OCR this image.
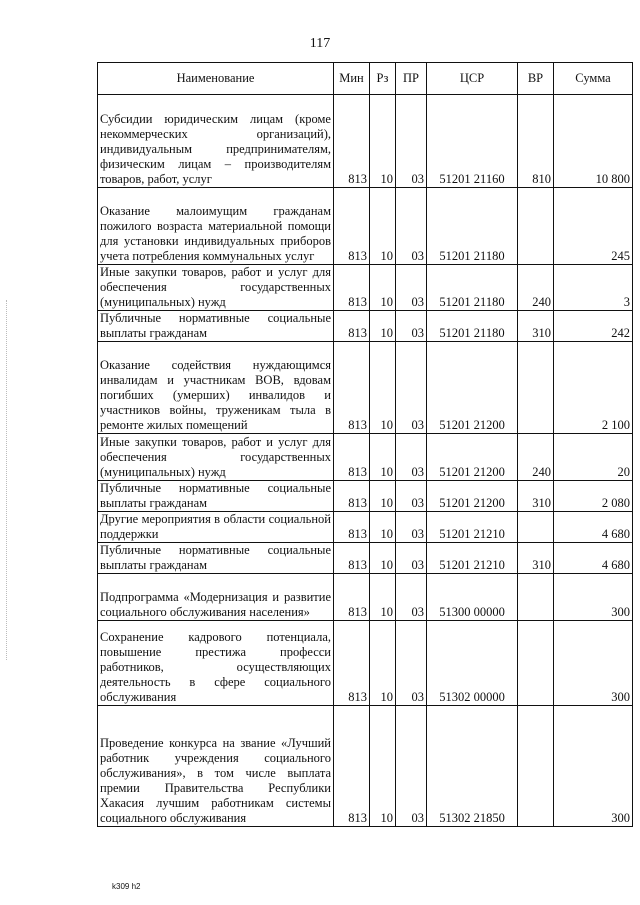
117
Наименование	Мин	Рз	ПР	ЦСР	ВР	Сумма
Субсидии юридическим лицам (кроме некоммерческих организаций), индивидуальным предпринимателям, физическим лицам – производителям товаров, работ, услуг	813	10	03	51201 21160	810	10 800
Оказание малоимущим гражданам пожилого возраста материальной помощи для установки индивидуальных приборов учета потребления коммунальных услуг	813	10	03	51201 21180		245
Иные закупки товаров, работ и услуг для обеспечения государственных (муниципальных) нужд	813	10	03	51201 21180	240	3
Публичные нормативные социальные выплаты гражданам	813	10	03	51201 21180	310	242
Оказание содействия нуждающимся инвалидам и участникам ВОВ, вдовам погибших (умерших) инвалидов и участников войны, труженикам тыла в ремонте жилых помещений	813	10	03	51201 21200		2 100
Иные закупки товаров, работ и услуг для обеспечения государственных (муниципальных) нужд	813	10	03	51201 21200	240	20
Публичные нормативные социальные выплаты гражданам	813	10	03	51201 21200	310	2 080
Другие мероприятия в области социальной поддержки	813	10	03	51201 21210		4 680
Публичные нормативные социальные выплаты гражданам	813	10	03	51201 21210	310	4 680
Подпрограмма «Модернизация и развитие социального обслуживания населения»	813	10	03	51300 00000		300
Сохранение кадрового потенциала, повышение престижа професси работников, осуществляющих деятельность в сфере социального обслуживания	813	10	03	51302 00000		300
Проведение конкурса на звание «Лучший работник учреждения социального обслуживания», в том числе выплата премии Правительства Республики Хакасия лучшим работникам системы социального обслуживания	813	10	03	51302 21850		300
k309 h2
